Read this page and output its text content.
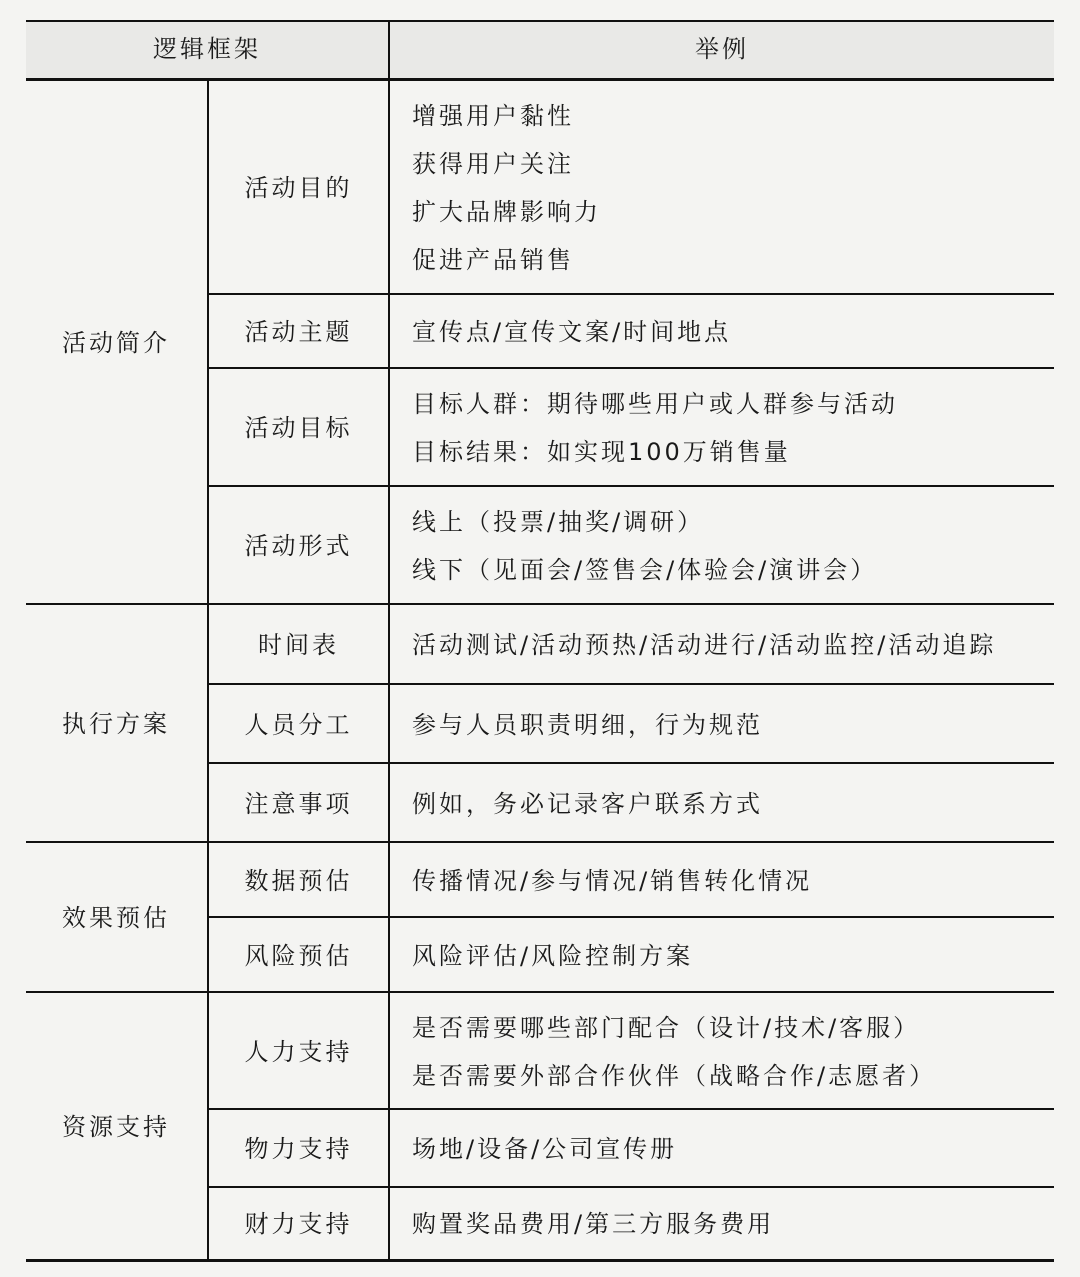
逻辑框架	举例
活动简介
活动目的
增强用户黏性
获得用户关注
扩大品牌影响力
促进产品销售
活动主题 宣传点/宣传文案/时间地点
活动目标
目标人群：期待哪些用户或人群参与活动
目标结果：如实现100万销售量
活动形式
线上（投票/抽奖/调研）
线下（见面会/签售会/体验会/演讲会）
执行方案
时间表	活动测试/活动预热/活动进行/活动监控/活动追踪
人员分工 参与人员职责明细，行为规范
注意事项 例如，务必记录客户联系方式
效果预估
数据预估 传播情况/参与情况/销售转化情况
风险预估 风险评估/风险控制方案
资源支持
人力支持
是否需要哪些部门配合（设计/技术/客服）
是否需要外部合作伙伴（战略合作/志愿者）
物力支持 场地/设备/公司宣传册
财力支持 购置奖品费用/第三方服务费用
